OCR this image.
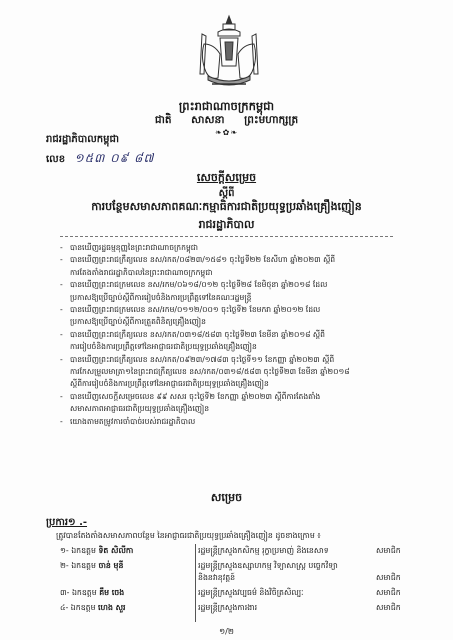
ព្រះរាជាណាចក្រកម្ពុជា
ជាតិ សាសនា ព្រះមហាក្សត្រ
❧✿❧
រាជរដ្ឋាភិបាលកម្ពុជា
លេខ ១៥៣ ០៩ ៨៧
សេចក្តីសម្រេច
ស្តីពី
ការបន្ថែមសមាសភាពគណៈកម្មាធិការជាតិប្រយុទ្ធប្រឆាំងគ្រឿងញៀន
រាជរដ្ឋាភិបាល
- បានឃើញរដ្ឋធម្មនុញ្ញនៃព្រះរាជាណាចក្រកម្ពុជា
- បានឃើញព្រះរាជក្រឹត្យលេខ នស/រកត/០៨២៣/១៥៨១ ចុះថ្ងៃទី២២ ខែសីហា ឆ្នាំ២០២៣ ស្តីពី
ការតែងតាំងរាជរដ្ឋាភិបាលនៃព្រះរាជាណាចក្រកម្ពុជា
- បានឃើញព្រះរាជក្រមលេខ នស/រកម/០៦១៨/០១២ ចុះថ្ងៃទី២៨ ខែមិថុនា ឆ្នាំ២០១៨ ដែល
ប្រកាសឱ្យប្រើច្បាប់ស្តីពីការរៀបចំនិងការប្រព្រឹត្តទៅនៃគណៈរដ្ឋមន្ត្រី
- បានឃើញព្រះរាជក្រមលេខ នស/រកម/០១១២/០០១ ចុះថ្ងៃទី២ ខែមករា ឆ្នាំ២០១២ ដែល
ប្រកាសឱ្យប្រើច្បាប់ស្តីពីការត្រួតពិនិត្យគ្រឿងញៀន
- បានឃើញព្រះរាជក្រឹត្យលេខ នស/រកត/០៣១៨/៥៨៣ ចុះថ្ងៃទី២៣ ខែមីនា ឆ្នាំ២០១៨ ស្តីពី
ការរៀបចំនិងការប្រព្រឹត្តទៅនៃអាជ្ញាធរជាតិប្រយុទ្ធប្រឆាំងគ្រឿងញៀន
- បានឃើញព្រះរាជក្រឹត្យលេខ នស/រកត/០៩២៣/១៧៨៣ ចុះថ្ងៃទី១១ ខែកញ្ញា ឆ្នាំ២០២៣ ស្តីពី
ការកែសម្រួលមាត្រា១នៃព្រះរាជក្រឹត្យលេខ នស/រកត/០៣១៨/៥៨៣ ចុះថ្ងៃទី២៣ ខែមីនា ឆ្នាំ២០១៨
ស្តីពីការរៀបចំនិងការប្រព្រឹត្តទៅនៃអាជ្ញាធរជាតិប្រយុទ្ធប្រឆាំងគ្រឿងញៀន
- បានឃើញសេចក្តីសម្រេចលេខ ៩៩ សសរ ចុះថ្ងៃទី២ ខែកញ្ញា ឆ្នាំ២០២៣ ស្តីពីការតែងតាំង
សមាសភាពអាជ្ញាធរជាតិប្រយុទ្ធប្រឆាំងគ្រឿងញៀន
- យោងតាមតម្រូវការចាំបាច់របស់រាជរដ្ឋាភិបាល
សម្រេច
ប្រការ១ .-
ត្រូវបានតែងតាំងសមាសភាពបន្ថែម នៃអាជ្ញាធរជាតិប្រយុទ្ធប្រឆាំងគ្រឿងញៀន ដូចខាងក្រោម ៖
១- ឯកឧត្តម ទិត សិលីកា	រដ្ឋមន្ត្រីក្រសួងកសិកម្ម រុក្ខាប្រមាញ់ និងនេសាទ	សមាជិក
២- ឯកឧត្តម ចាន់ មុនី	រដ្ឋមន្ត្រីក្រសួងឧស្សាហកម្ម វិទ្យាសាស្ត្រ បច្ចេកវិទ្យា
និងនវានុវត្តន៍	សមាជិក
៣- ឯកឧត្តម គឹម ចេង	រដ្ឋមន្ត្រីក្រសួងវប្បធម៌ និងវិចិត្រសិល្បៈ	សមាជិក
៤- ឯកឧត្តម ហេង សួរ	រដ្ឋមន្ត្រីក្រសួងការងារ	សមាជិក
១/២
